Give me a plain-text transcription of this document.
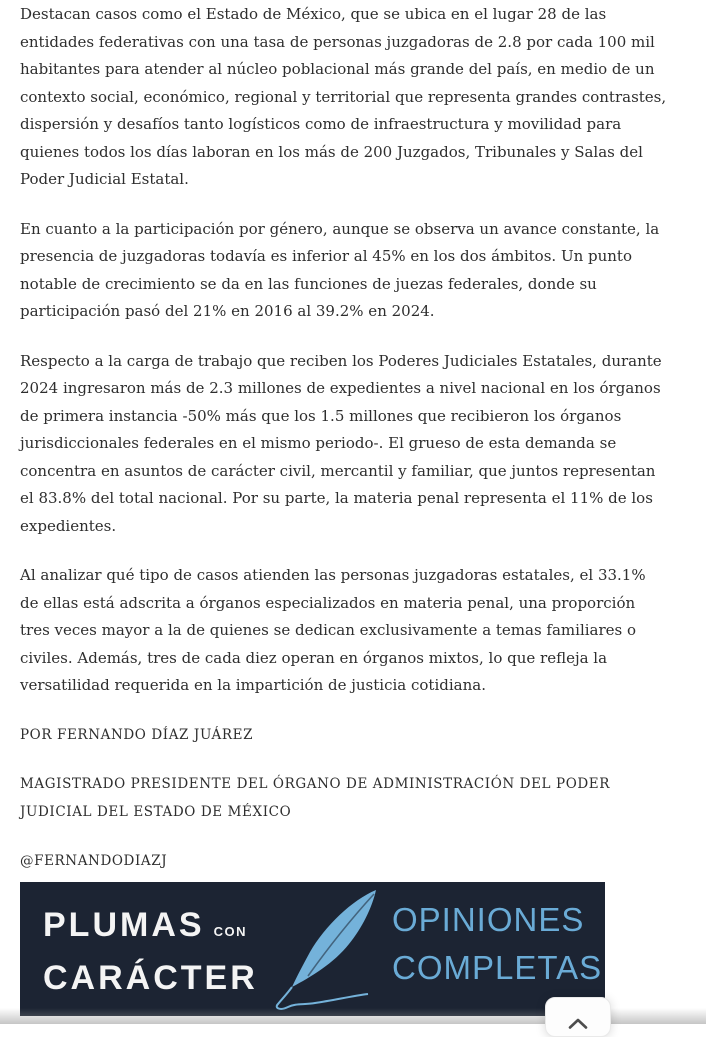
Destacan casos como el Estado de México, que se ubica en el lugar 28 de las entidades federativas con una tasa de personas juzgadoras de 2.8 por cada 100 mil habitantes para atender al núcleo poblacional más grande del país, en medio de un contexto social, económico, regional y territorial que representa grandes contrastes, dispersión y desafíos tanto logísticos como de infraestructura y movilidad para quienes todos los días laboran en los más de 200 Juzgados, Tribunales y Salas del Poder Judicial Estatal.

En cuanto a la participación por género, aunque se observa un avance constante, la presencia de juzgadoras todavía es inferior al 45% en los dos ámbitos. Un punto notable de crecimiento se da en las funciones de juezas federales, donde su participación pasó del 21% en 2016 al 39.2% en 2024.

Respecto a la carga de trabajo que reciben los Poderes Judiciales Estatales, durante 2024 ingresaron más de 2.3 millones de expedientes a nivel nacional en los órganos de primera instancia -50% más que los 1.5 millones que recibieron los órganos jurisdiccionales federales en el mismo periodo-. El grueso de esta demanda se concentra en asuntos de carácter civil, mercantil y familiar, que juntos representan el 83.8% del total nacional. Por su parte, la materia penal representa el 11% de los expedientes.

Al analizar qué tipo de casos atienden las personas juzgadoras estatales, el 33.1% de ellas está adscrita a órganos especializados en materia penal, una proporción tres veces mayor a la de quienes se dedican exclusivamente a temas familiares o civiles. Además, tres de cada diez operan en órganos mixtos, lo que refleja la versatilidad requerida en la impartición de justicia cotidiana.

POR FERNANDO DÍAZ JUÁREZ

MAGISTRADO PRESIDENTE DEL ÓRGANO DE ADMINISTRACIÓN DEL PODER JUDICIAL DEL ESTADO DE MÉXICO

@FERNANDODIAZJ

PLUMAS CON
CARÁCTER
OPINIONES
COMPLETAS
